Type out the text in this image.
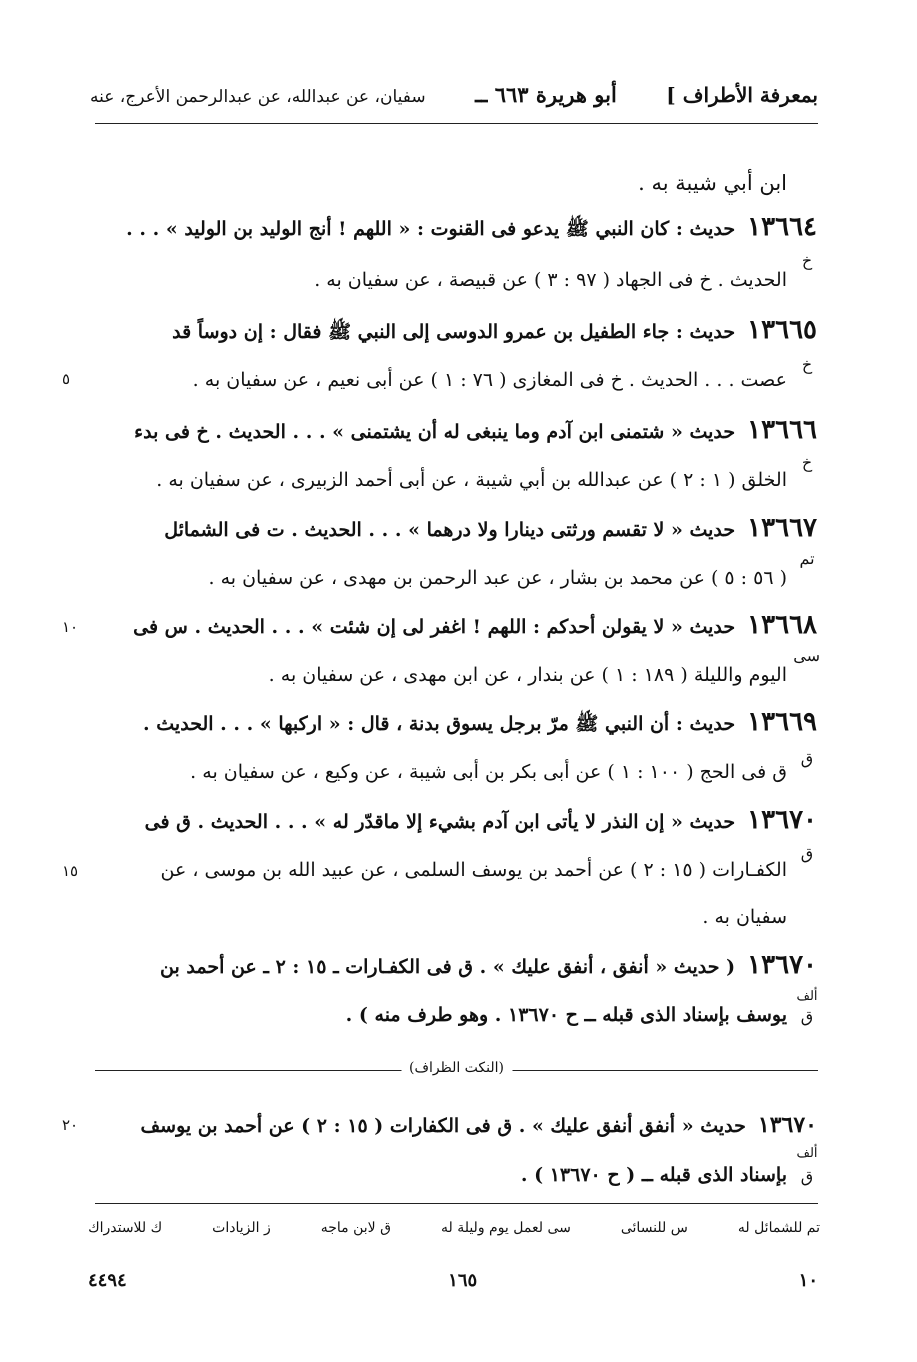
بمعرفة الأطراف ]
أبو هريرة ٦٦٣ ــ
سفيان، عن عبدالله، عن عبدالرحمن الأعرج، عنه
ابن أبي شيبة به .
١٣٦٦٤ حديث : كان النبي ﷺ يدعو فى القنوت : « اللهم ! أنج الوليد بن الوليد » . . .
خ
الحديث . خ فى الجهاد ( ٩٧ : ٣ ) عن قبيصة ، عن سفيان به .
١٣٦٦٥ حديث : جاء الطفيل بن عمرو الدوسى إلى النبي ﷺ فقال : إن دوساً قد
خ
عصت . . . الحديث . خ فى المغازى ( ٧٦ : ١ ) عن أبى نعيم ، عن سفيان به .
٥
١٣٦٦٦ حديث « شتمنى ابن آدم وما ينبغى له أن يشتمنى » . . . الحديث . خ فى بدء
خ
الخلق ( ١ : ٢ ) عن عبدالله بن أبي شيبة ، عن أبى أحمد الزبيرى ، عن سفيان به .
١٣٦٦٧ حديث « لا تقسم ورثتى دينارا ولا درهما » . . . الحديث . ت فى الشمائل
تم
( ٥٦ : ٥ ) عن محمد بن بشار ، عن عبد الرحمن بن مهدى ، عن سفيان به .
١٣٦٦٨ حديث « لا يقولن أحدكم : اللهم ! اغفر لى إن شئت » . . . الحديث . س فى
١٠
سى
اليوم والليلة ( ١٨٩ : ١ ) عن بندار ، عن ابن مهدى ، عن سفيان به .
١٣٦٦٩ حديث : أن النبي ﷺ مرّ برجل يسوق بدنة ، قال : « اركبها » . . . الحديث .
ق
ق فى الحج ( ١٠٠ : ١ ) عن أبى بكر بن أبى شيبة ، عن وكيع ، عن سفيان به .
١٣٦٧٠ حديث « إن النذر لا يأتى ابن آدم بشيء إلا ماقدّر له » . . . الحديث . ق فى
ق
الكفـارات ( ١٥ : ٢ ) عن أحمد بن يوسف السلمى ، عن عبيد الله بن موسى ، عن
١٥
سفيان به .
١٣٦٧٠ ( حديث « أنفق ، أنفق عليك » . ق فى الكفـارات ـ ١٥ : ٢ ـ عن أحمد بن
ألف
ق
يوسف بإسناد الذى قبله ــ ح ١٣٦٧٠ . وهو طرف منه ) .
(النكت الظراف)
١٣٦٧٠ حديث « أنفق أنفق عليك » . ق فى الكفارات ( ١٥ : ٢ ) عن أحمد بن يوسف
٢٠
ألف
ق
بإسناد الذى قبله ــ ( ح ١٣٦٧٠ ) .
تم للشمائل له
س للنسائى
سى لعمل يوم وليلة له
ق لابن ماجه
ز الزيادات
ك للاستدراك
١٠
١٦٥
٤٤٩٤
